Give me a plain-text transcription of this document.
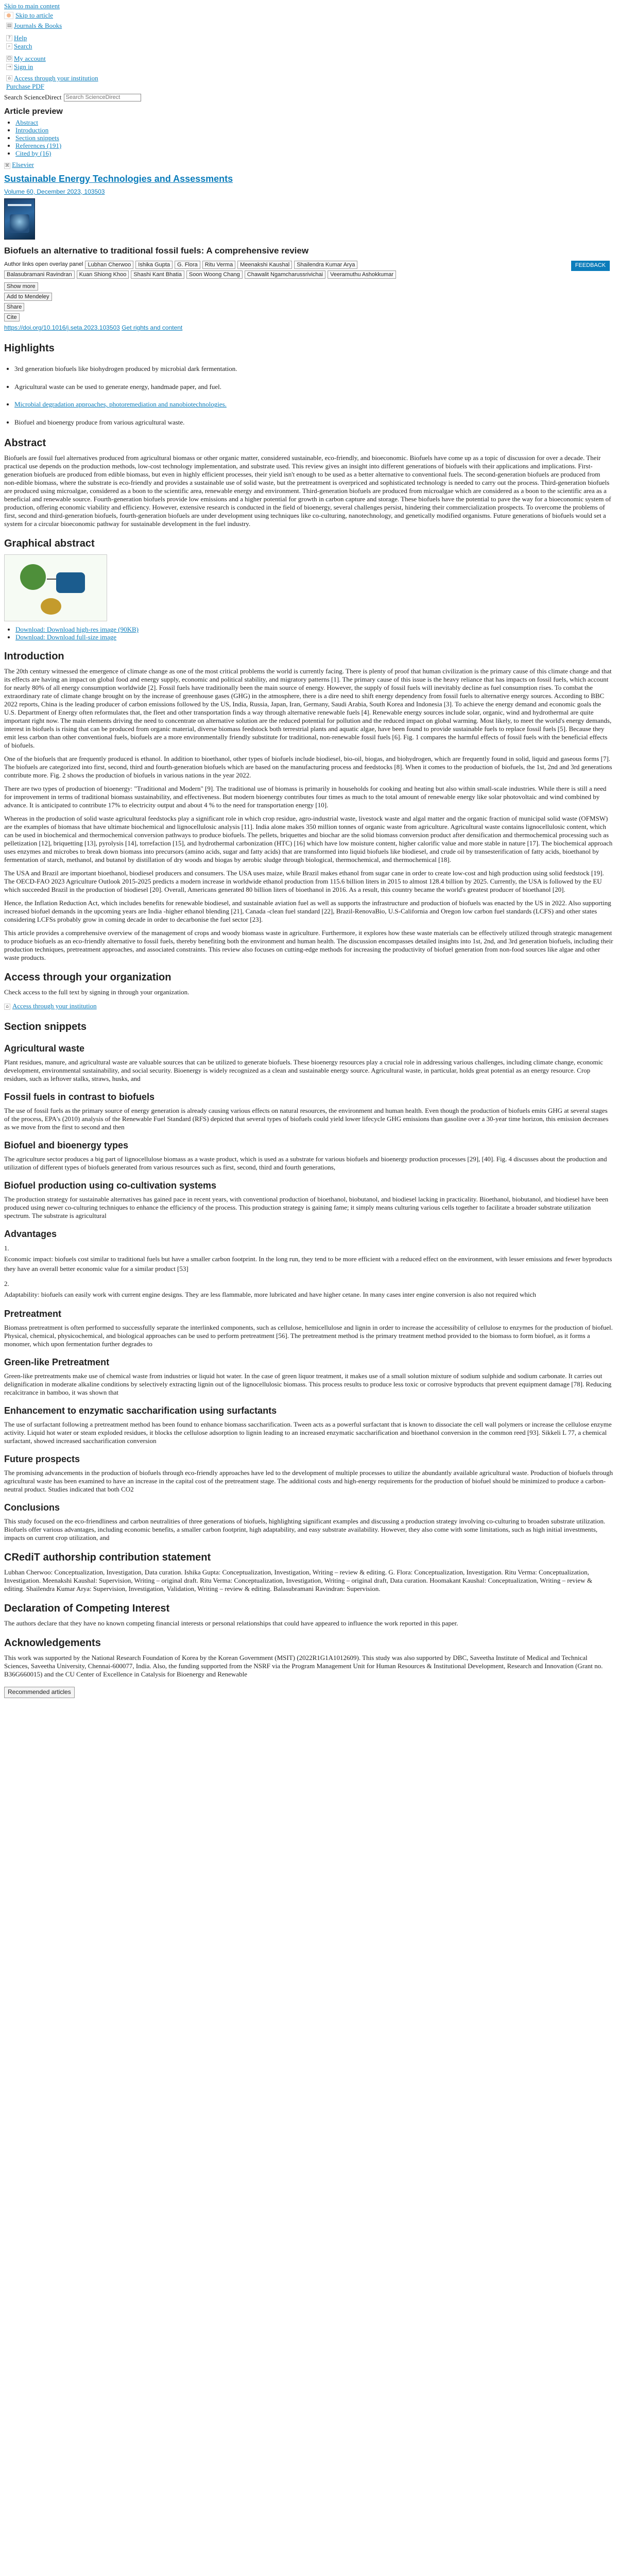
Skip to main content
Skip to article
▤ Journals & Books
? Help
⌕ Search
☺ My account
→ Sign in
⌂ Access through your institution
Purchase PDF
Search ScienceDirect
Search ScienceDirect
Article preview
• Abstract
• Introduction
• Section snippets
• References (191)
• Cited by (16)
⌘ Elsevier
Sustainable Energy Technologies and Assessments
Volume 60, December 2023, 103503
Biofuels an alternative to traditional fossil fuels: A comprehensive review
Author links open overlay panel Lubhan Cherwoo	Ishika Gupta	G. Flora	Ritu Verma	Meenakshi Kaushal	Shailendra Kumar Arya	FEEDBACK
Balasubramani Ravindran	Kuan Shiong Khoo	Shashi Kant Bhatia	Soon Woong Chang	Chawalit Ngamcharussrivichai	Veeramuthu Ashokkumar
Show more
Add to Mendeley
Share
Cite
https://doi.org/10.1016/j.seta.2023.103503 Get rights and content
Highlights
• 3rd generation biofuels like biohydrogen produced by microbial dark fermentation.
• Agricultural waste can be used to generate energy, handmade paper, and fuel.
• Microbial degradation approaches, photoremediation and nanobiotechnologies.
• Biofuel and bioenergy produce from various agricultural waste.
Abstract

Biofuels are fossil fuel alternatives produced from agricultural biomass or other organic matter, considered sustainable, eco-friendly, and bioeconomic. Biofuels have come up as a topic of discussion for over a decade. Their practical use depends on the production methods, low-cost technology implementation, and substrate used. This review gives an insight into different generations of biofuels with their applications and implications. First-generation biofuels are produced from edible biomass, but even in highly efficient processes, their yield isn't enough to be used as a better alternative to conventional fuels. The second-generation biofuels are produced from non-edible biomass, where the substrate is eco-friendly and provides a sustainable use of solid waste, but the pretreatment is overpriced and sophisticated technology is needed to carry out the process. Third-generation biofuels are produced using microalgae, considered as a boon to the scientific area, renewable energy and environment. Third-generation biofuels are produced from microalgae which are considered as a boon to the scientific area as a beneficial and renewable source. Fourth-generation biofuels provide low emissions and a higher potential for growth in carbon capture and storage. These biofuels have the potential to pave the way for a bioeconomic system of production, offering economic viability and efficiency. However, extensive research is conducted in the field of bioenergy, several challenges persist, hindering their commercialization prospects. To overcome the problems of first, second and third-generation biofuels, fourth-generation biofuels are under development using techniques like co-culturing, nanotechnology, and genetically modified organisms. Future generations of biofuels would set a system for a circular bioeconomic pathway for sustainable development in the fuel industry.

Graphical abstract
• Download: Download high-res image (90KB)
• Download: Download full-size image
Introduction

The 20th century witnessed the emergence of climate change as one of the most critical problems the world is currently facing. There is plenty of proof that human civilization is the primary cause of this climate change and that its effects are having an impact on global food and energy supply, economic and political stability, and migratory patterns [1]. The primary cause of this issue is the heavy reliance that has impacts on fossil fuels, which account for nearly 80% of all energy consumption worldwide [2]. Fossil fuels have traditionally been the main source of energy. However, the supply of fossil fuels will inevitably decline as fuel consumption rises. To combat the extraordinary rate of climate change brought on by the increase of greenhouse gases (GHG) in the atmosphere, there is a dire need to shift energy dependency from fossil fuels to alternative energy sources. According to BBC 2022 reports, China is the leading producer of carbon emissions followed by the US, India, Russia, Japan, Iran, Germany, Saudi Arabia, South Korea and Indonesia [3]. To achieve the energy demand and economic goals the U.S. Department of Energy often reformulates that, the fleet and other transportation finds a way through alternative renewable fuels [4]. Renewable energy sources include solar, organic, wind and hydrothermal are quite important right now. The main elements driving the need to concentrate on alternative solution are the reduced potential for pollution and the reduced impact on global warming. Most likely, to meet the world's energy demands, interest in biofuels is rising that can be produced from organic material, diverse biomass feedstock both terrestrial plants and aquatic algae, have been found to provide sustainable fuels to replace fossil fuels [5]. Because they emit less carbon than other conventional fuels, biofuels are a more environmentally friendly substitute for traditional, non-renewable fossil fuels [6]. Fig. 1 compares the harmful effects of fossil fuels with the beneficial effects of biofuels.

One of the biofuels that are frequently produced is ethanol. In addition to bioethanol, other types of biofuels include biodiesel, bio-oil, biogas, and biohydrogen, which are frequently found in solid, liquid and gaseous forms [7]. The biofuels are categorized into first, second, third and fourth-generation biofuels which are based on the manufacturing process and feedstocks [8]. When it comes to the production of biofuels, the 1st, 2nd and 3rd generations contribute more. Fig. 2 shows the production of biofuels in various nations in the year 2022.

There are two types of production of bioenergy: "Traditional and Modern" [9]. The traditional use of biomass is primarily in households for cooking and heating but also within small-scale industries. While there is still a need for improvement in terms of traditional biomass sustainability, and effectiveness. But modern bioenergy contributes four times as much to the total amount of renewable energy like solar photovoltaic and wind combined by advance. It is anticipated to contribute 17% to electricity output and about 4 % to the need for transportation energy [10].

Whereas in the production of solid waste agricultural feedstocks play a significant role in which crop residue, agro-industrial waste, livestock waste and algal matter and the organic fraction of municipal solid waste (OFMSW) are the examples of biomass that have ultimate biochemical and lignocellulosic analysis [11]. India alone makes 350 million tonnes of organic waste from agriculture. Agricultural waste contains lignocellulosic content, which can be used in biochemical and thermochemical conversion pathways to produce biofuels. The pellets, briquettes and biochar are the solid biomass conversion product after densification and thermochemical processing such as pelletization [12], briquetting [13], pyrolysis [14], torrefaction [15], and hydrothermal carbonization (HTC) [16] which have low moisture content, higher calorific value and more stable in nature [17]. The biochemical approach uses enzymes and microbes to break down biomass into precursors (amino acids, sugar and fatty acids) that are transformed into liquid biofuels like biodiesel, and crude oil by transesterification of fatty acids, bioethanol by fermentation of starch, methanol, and butanol by distillation of dry woods and biogas by aerobic sludge through biological, thermochemical, and thermochemical [18].

The USA and Brazil are important bioethanol, biodiesel producers and consumers. The USA uses maize, while Brazil makes ethanol from sugar cane in order to create low-cost and high production using solid feedstock [19]. The OECD-FAO 2023 Agriculture Outlook 2015-2025 predicts a modern increase in worldwide ethanol production from 115.6 billion liters in 2015 to almost 128.4 billion by 2025. Currently, the USA is followed by the EU which succeeded Brazil in the production of biodiesel [20]. Overall, Americans generated 80 billion liters of bioethanol in 2016. As a result, this country became the world's greatest producer of bioethanol [20].

Hence, the Inflation Reduction Act, which includes benefits for renewable biodiesel, and sustainable aviation fuel as well as supports the infrastructure and production of biofuels was enacted by the US in 2022. Also supporting increased biofuel demands in the upcoming years are India -higher ethanol blending [21], Canada -clean fuel standard [22], Brazil-RenovaBio, U.S-California and Oregon low carbon fuel standards (LCFS) and other states considering LCFSs probably grow in coming decade in order to decarbonise the fuel sector [23].

This article provides a comprehensive overview of the management of crops and woody biomass waste in agriculture. Furthermore, it explores how these waste materials can be effectively utilized through strategic management to produce biofuels as an eco-friendly alternative to fossil fuels, thereby benefiting both the environment and human health. The discussion encompasses detailed insights into 1st, 2nd, and 3rd generation biofuels, including their production techniques, pretreatment approaches, and associated constraints. This review also focuses on cutting-edge methods for increasing the productivity of biofuel generation from non-food sources like algae and other waste products.

Access through your organization

Check access to the full text by signing in through your organization.

⌂ Access through your institution
Section snippets
Agricultural waste

Plant residues, manure, and agricultural waste are valuable sources that can be utilized to generate biofuels. These bioenergy resources play a crucial role in addressing various challenges, including climate change, economic development, environmental sustainability, and social security. Bioenergy is widely recognized as a clean and sustainable energy source. Agricultural waste, in particular, holds great potential as an energy resource. Crop residues, such as leftover stalks, straws, husks, and

Fossil fuels in contrast to biofuels

The use of fossil fuels as the primary source of energy generation is already causing various effects on natural resources, the environment and human health. Even though the production of biofuels emits GHG at several stages of the process, EPA's (2010) analysis of the Renewable Fuel Standard (RFS) depicted that several types of biofuels could yield lower lifecycle GHG emissions than gasoline over a 30-year time horizon, this emission decreases as we move from the first to second and then

Biofuel and bioenergy types

The agriculture sector produces a big part of lignocellulose biomass as a waste product, which is used as a substrate for various biofuels and bioenergy production processes [29], [40]. Fig. 4 discusses about the production and utilization of different types of biofuels generated from various resources such as first, second, third and fourth generations,

Biofuel production using co-cultivation systems

The production strategy for sustainable alternatives has gained pace in recent years, with conventional production of bioethanol, biobutanol, and biodiesel lacking in practicality. Bioethanol, biobutanol, and biodiesel have been produced using newer co-culturing techniques to enhance the efficiency of the process. This production strategy is gaining fame; it simply means culturing various cells together to facilitate a broader substrate utilization spectrum. The substrate is agricultural

Advantages
1.
Economic impact: biofuels cost similar to traditional fuels but have a smaller carbon footprint. In the long run, they tend to be more efficient with a reduced effect on the environment, with lesser emissions and fewer byproducts they have an overall better economic value for a similar product [53]
2.
Adaptability: biofuels can easily work with current engine designs. They are less flammable, more lubricated and have higher cetane. In many cases inter engine conversion is also not required which
Pretreatment

Biomass pretreatment is often performed to successfully separate the interlinked components, such as cellulose, hemicellulose and lignin in order to increase the accessibility of cellulose to enzymes for the production of biofuel. Physical, chemical, physicochemical, and biological approaches can be used to perform pretreatment [56]. The pretreatment method is the primary treatment method provided to the biomass to form biofuel, as it forms a monomer, which upon fermentation further degrades to

Green-like Pretreatment

Green-like pretreatments make use of chemical waste from industries or liquid hot water. In the case of green liquor treatment, it makes use of a small solution mixture of sodium sulphide and sodium carbonate. It carries out delignification in moderate alkaline conditions by selectively extracting lignin out of the lignocellulosic biomass. This process results to produce less toxic or corrosive byproducts that prevent equipment damage [78]. Reducing recalcitrance in bamboo, it was shown that

Enhancement to enzymatic saccharification using surfactants

The use of surfactant following a pretreatment method has been found to enhance biomass saccharification. Tween acts as a powerful surfactant that is known to dissociate the cell wall polymers or increase the cellulose enzyme activity. Liquid hot water or steam exploded residues, it blocks the cellulose adsorption to lignin leading to an increased enzymatic saccharification and bioethanol conversion in the common reed [93]. Sikkeli L 77, a chemical surfactant, showed increased saccharification conversion

Future prospects

The promising advancements in the production of biofuels through eco-friendly approaches have led to the development of multiple processes to utilize the abundantly available agricultural waste. Production of biofuels through agricultural waste has been examined to have an increase in the capital cost of the pretreatment stage. The additional costs and high-energy requirements for the production of biofuel should be minimized to produce a carbon-neutral product. Studies indicated that both CO2

Conclusions

This study focused on the eco-friendliness and carbon neutralities of three generations of biofuels, highlighting significant examples and discussing a production strategy involving co-culturing to broaden substrate utilization. Biofuels offer various advantages, including economic benefits, a smaller carbon footprint, high adaptability, and easy substrate availability. However, they also come with some limitations, such as high initial investments, impacts on current crop utilization, and

CRediT authorship contribution statement

Lubhan Cherwoo: Conceptualization, Investigation, Data curation. Ishika Gupta: Conceptualization, Investigation, Writing – review & editing. G. Flora: Conceptualization, Investigation. Ritu Verma: Conceptualization, Investigation. Meenakshi Kaushal: Supervision, Writing – original draft. Ritu Verma: Conceptualization, Investigation, Writing – original draft, Data curation. Hoomakant Kaushal: Conceptualization, Writing – review & editing. Shailendra Kumar Arya: Supervision, Investigation, Validation, Writing – review & editing. Balasubramani Ravindran: Supervision.

Declaration of Competing Interest

The authors declare that they have no known competing financial interests or personal relationships that could have appeared to influence the work reported in this paper.

Acknowledgements

This work was supported by the National Research Foundation of Korea by the Korean Government (MSIT) (2022R1G1A1012609). This study was also supported by DBC, Saveetha Institute of Medical and Technical Sciences, Saveetha University, Chennai-600077, India. Also, the funding supported from the NSRF via the Program Management Unit for Human Resources & Institutional Development, Research and Innovation (Grant no. B36G660015) and the CU Center of Excellence in Catalysis for Bioenergy and Renewable

Recommended articles
